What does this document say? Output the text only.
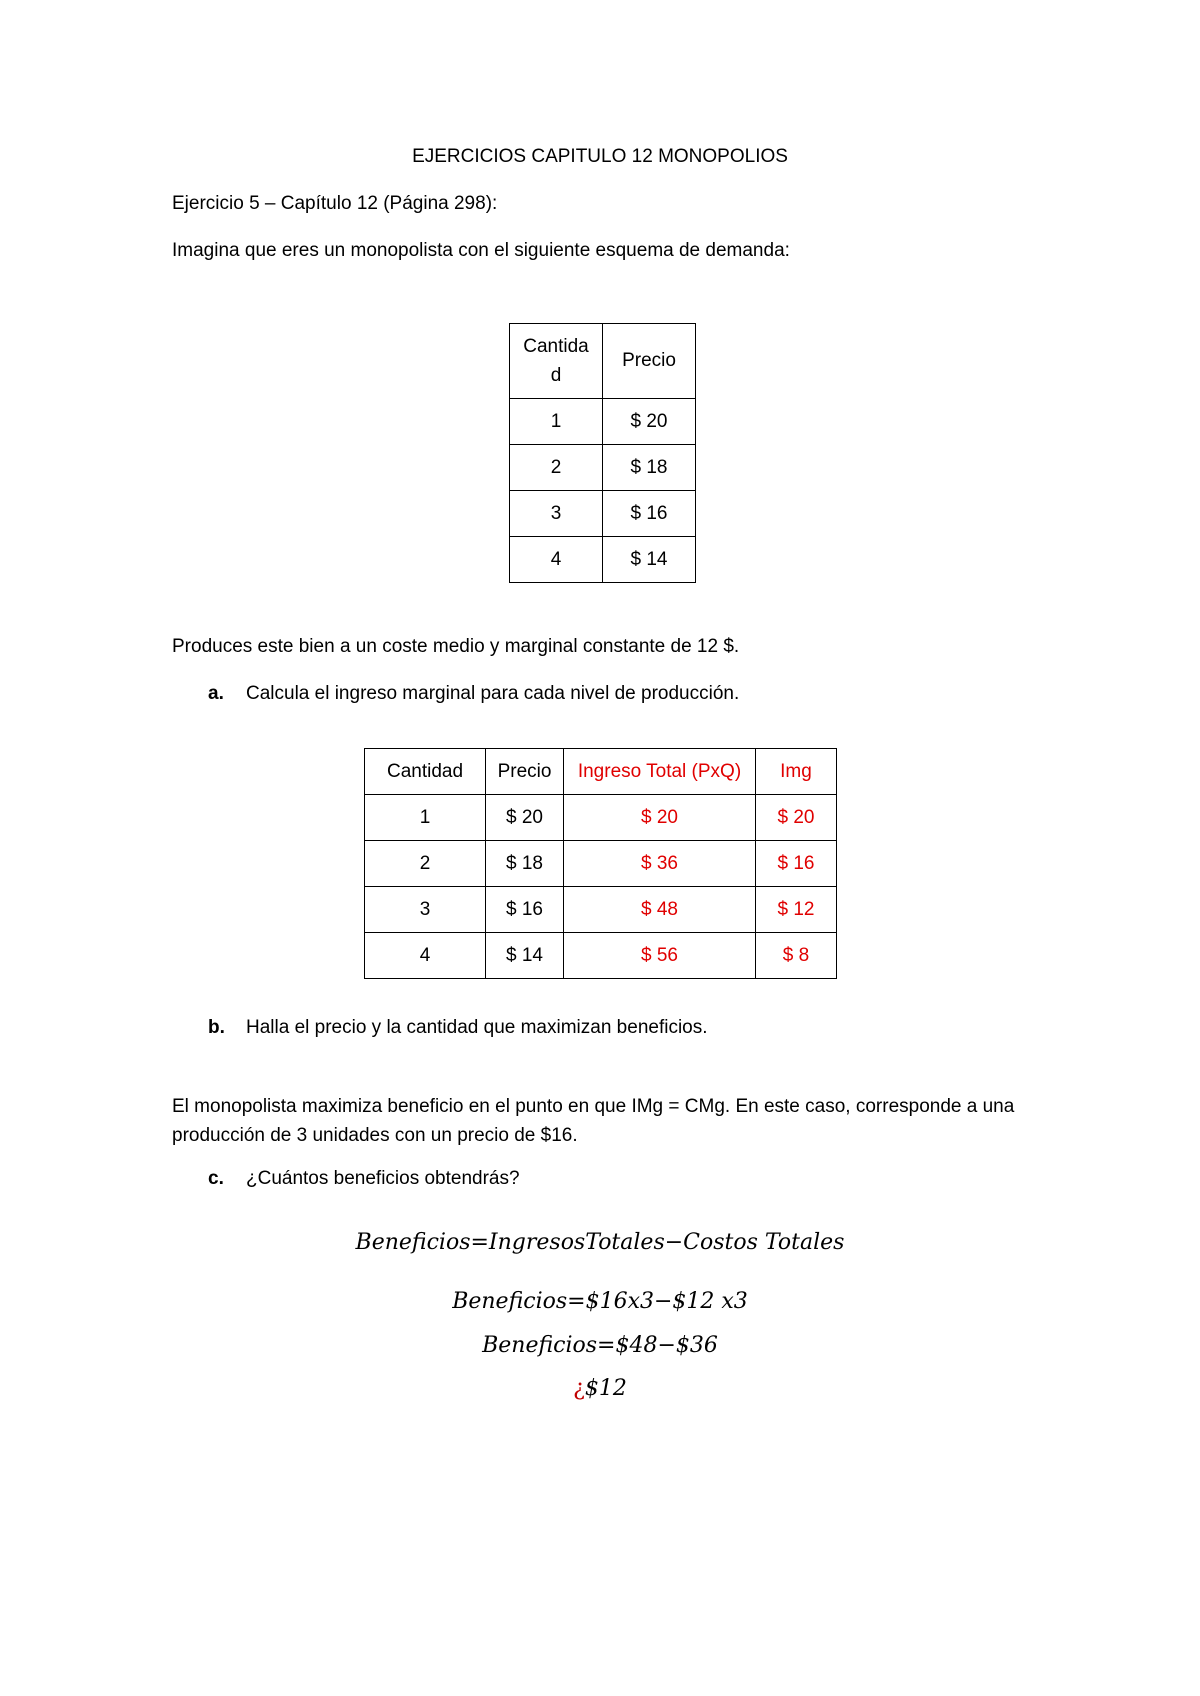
EJERCICIOS CAPITULO 12 MONOPOLIOS
Ejercicio 5 – Capítulo 12 (Página 298):
Imagina que eres un monopolista con el siguiente esquema de demanda:
Cantida
d	Precio
1	$ 20
2	$ 18
3	$ 16
4	$ 14
Produces este bien a un coste medio y marginal constante de 12 $.
a. Calcula el ingreso marginal para cada nivel de producción.
Cantidad	Precio	Ingreso Total (PxQ)	Img
1	$ 20	$ 20	$ 20
2	$ 18	$ 36	$ 16
3	$ 16	$ 48	$ 12
4	$ 14	$ 56	$ 8
b. Halla el precio y la cantidad que maximizan beneficios.
El monopolista maximiza beneficio en el punto en que IMg = CMg. En este caso, corresponde a una producción de 3 unidades con un precio de $16.
c. ¿Cuántos beneficios obtendrás?
Beneficios=IngresosTotales−Costos Totales
Beneficios=$16x3−$12 x3
Beneficios=$48−$36
¿$12
